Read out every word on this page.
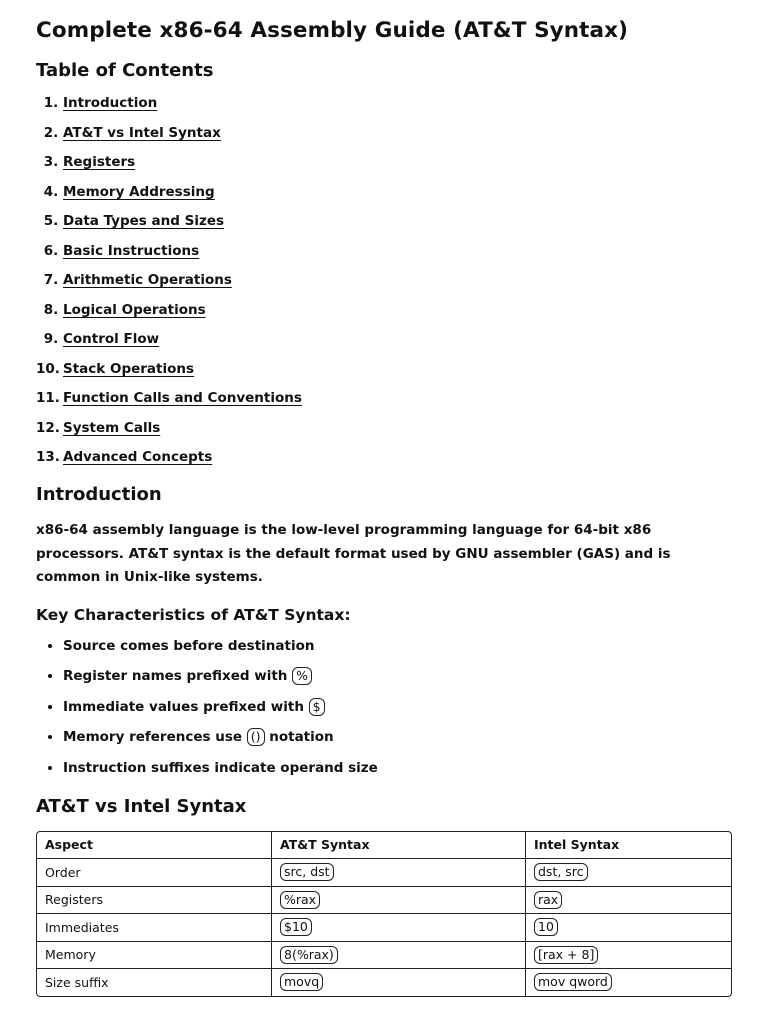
Complete x86-64 Assembly Guide (AT&T Syntax)
Table of Contents
1. Introduction
2. AT&T vs Intel Syntax
3. Registers
4. Memory Addressing
5. Data Types and Sizes
6. Basic Instructions
7. Arithmetic Operations
8. Logical Operations
9. Control Flow
10.
Stack Operations
11.
Function Calls and Conventions
12.
System Calls
13.
Advanced Concepts
Introduction

x86-64 assembly language is the low-level programming language for 64-bit x86 processors. AT&T syntax is the default format used by GNU assembler (GAS) and is common in Unix-like systems.

Key Characteristics of AT&T Syntax:
• Source comes before destination
• Register names prefixed with %
• Immediate values prefixed with $
• Memory references use () notation
• Instruction suffixes indicate operand size
AT&T vs Intel Syntax
Aspect	AT&T Syntax	Intel Syntax
Order	src, dst	dst, src
Registers	%rax	rax
Immediates	$10	10
Memory	8(%rax)	[rax + 8]
Size suffix	movq	mov qword
